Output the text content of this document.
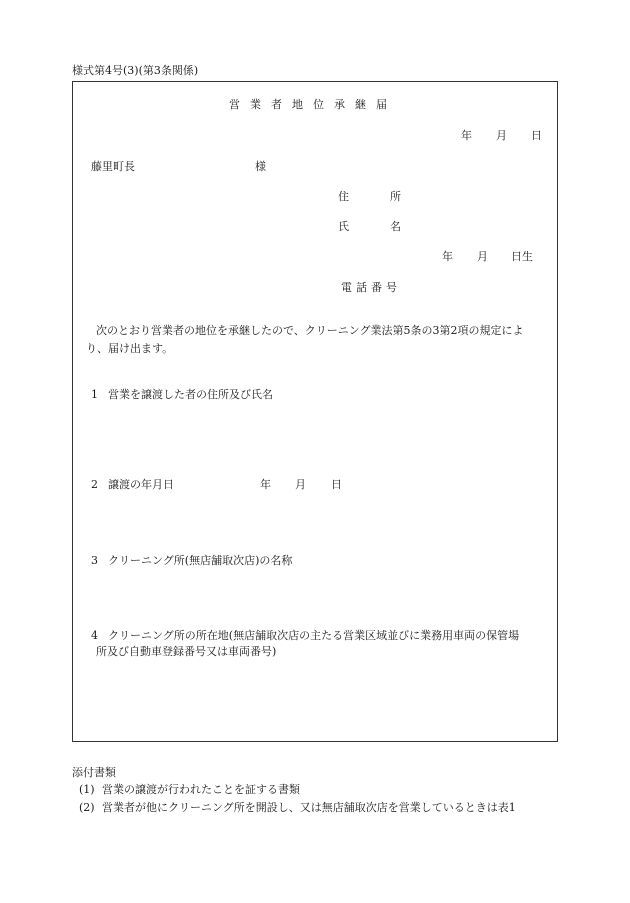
様式第4号(3)(第3条関係)
営業者地位承継届
年 月 日
藤里町長	様
住	所
氏	名
年 月 日生
電話番号
次のとおり営業者の地位を承継したので、クリーニング業法第5条の3第2項の規定によ
り、届け出ます。
1 営業を譲渡した者の住所及び氏名
2 譲渡の年月日	年 月 日
3 クリーニング所(無店舗取次店)の名称
4 クリーニング所の所在地(無店舗取次店の主たる営業区域並びに業務用車両の保管場
所及び自動車登録番号又は車両番号)
添付書類
(1) 営業の譲渡が行われたことを証する書類
(2) 営業者が他にクリーニング所を開設し、又は無店舗取次店を営業しているときは表1
